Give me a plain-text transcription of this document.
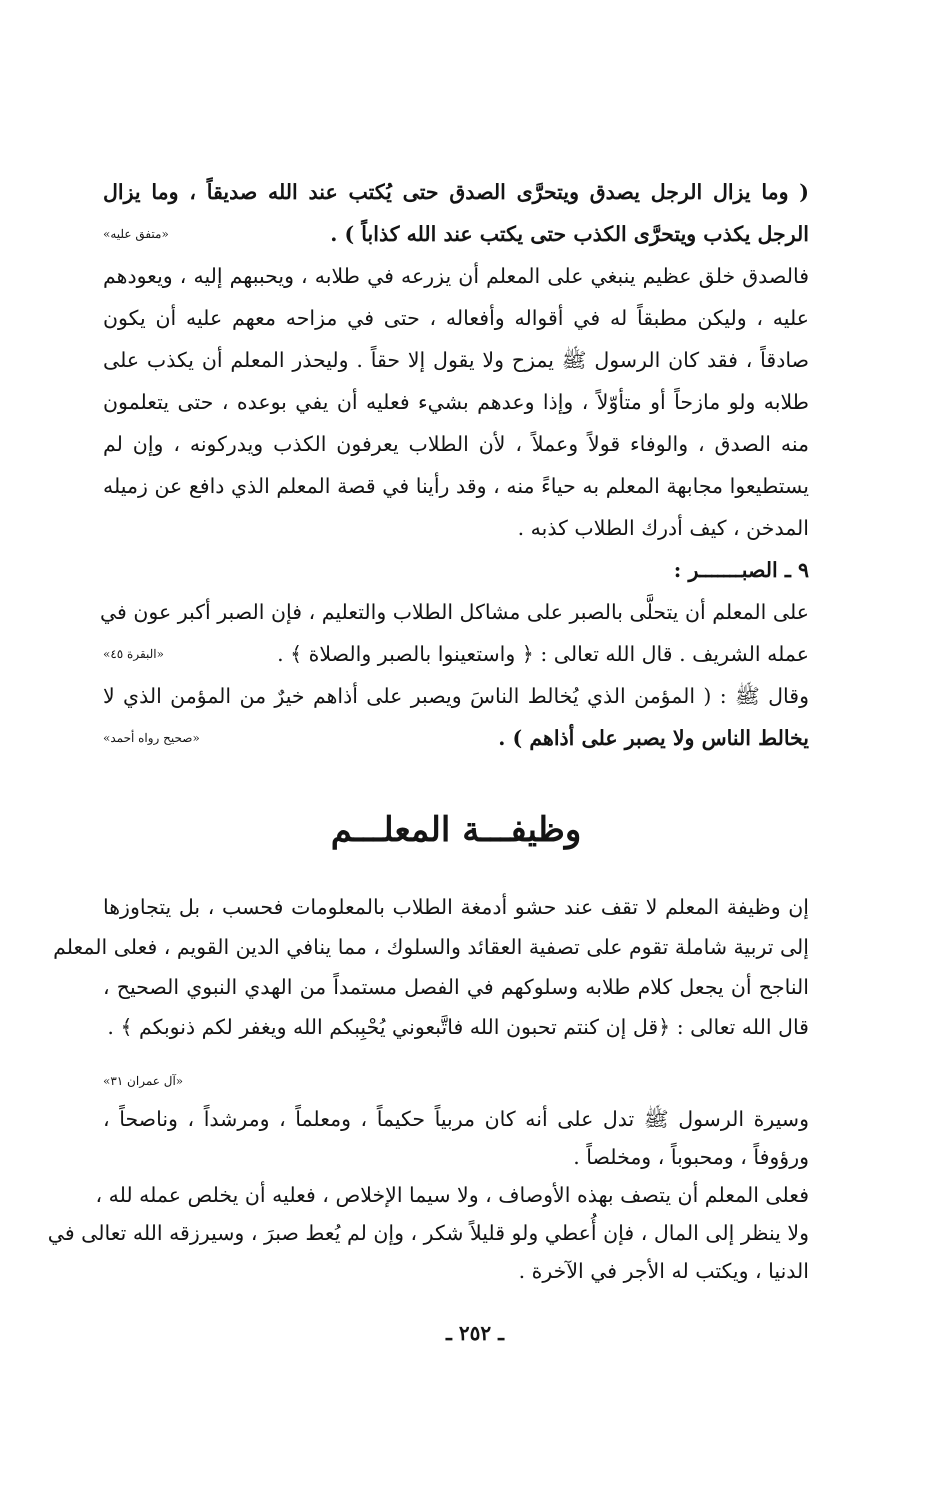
( وما يزال الرجل يصدق ويتحرَّى الصدق حتى يُكتب عند الله صديقاً ، وما يزال
الرجل يكذب ويتحرَّى الكذب حتى يكتب عند الله كذاباً ) .
«متفق عليه»
فالصدق خلق عظيم ينبغي على المعلم أن يزرعه في طلابه ، ويحببهم إليه ، ويعودهم
عليه ، وليكن مطبقاً له في أقواله وأفعاله ، حتى في مزاحه معهم عليه أن يكون
صادقاً ، فقد كان الرسول ﷺ يمزح ولا يقول إلا حقاً . وليحذر المعلم أن يكذب على
طلابه ولو مازحاً أو متأوّلاً ، وإذا وعدهم بشيء فعليه أن يفي بوعده ، حتى يتعلمون
منه الصدق ، والوفاء قولاً وعملاً ، لأن الطلاب يعرفون الكذب ويدركونه ، وإن لم
يستطيعوا مجابهة المعلم به حياءً منه ، وقد رأينا في قصة المعلم الذي دافع عن زميله
المدخن ، كيف أدرك الطلاب كذبه .
٩ ـ الصبـــــــر :
على المعلم أن يتحلَّى بالصبر على مشاكل الطلاب والتعليم ، فإن الصبر أكبر عون في
عمله الشريف . قال الله تعالى : ﴿ واستعينوا بالصبر والصلاة ﴾ .
«البقرة ٤٥»
وقال ﷺ : ( المؤمن الذي يُخالط الناسَ ويصبر على أذاهم خيرٌ من المؤمن الذي لا
يخالط الناس ولا يصبر على أذاهم ) .
«صحيح رواه أحمد»
وظيفـــة المعلـــم
إن وظيفة المعلم لا تقف عند حشو أدمغة الطلاب بالمعلومات فحسب ، بل يتجاوزها
إلى تربية شاملة تقوم على تصفية العقائد والسلوك ، مما ينافي الدين القويم ، فعلى المعلم
الناجح أن يجعل كلام طلابه وسلوكهم في الفصل مستمداً من الهدي النبوي الصحيح ،
قال الله تعالى : ﴿قل إن كنتم تحبون الله فاتَّبعوني يُحْبِبكم الله ويغفر لكم ذنوبكم ﴾ .
«آل عمران ٣١»
وسيرة الرسول ﷺ تدل على أنه كان مربياً حكيماً ، ومعلماً ، ومرشداً ، وناصحاً ،
ورؤوفاً ، ومحبوباً ، ومخلصاً .
فعلى المعلم أن يتصف بهذه الأوصاف ، ولا سيما الإخلاص ، فعليه أن يخلص عمله لله ،
ولا ينظر إلى المال ، فإن أُعطي ولو قليلاً شكر ، وإن لم يُعط صبرَ ، وسيرزقه الله تعالى في
الدنيا ، ويكتب له الأجر في الآخرة .
ـ ٢٥٢ ـ
